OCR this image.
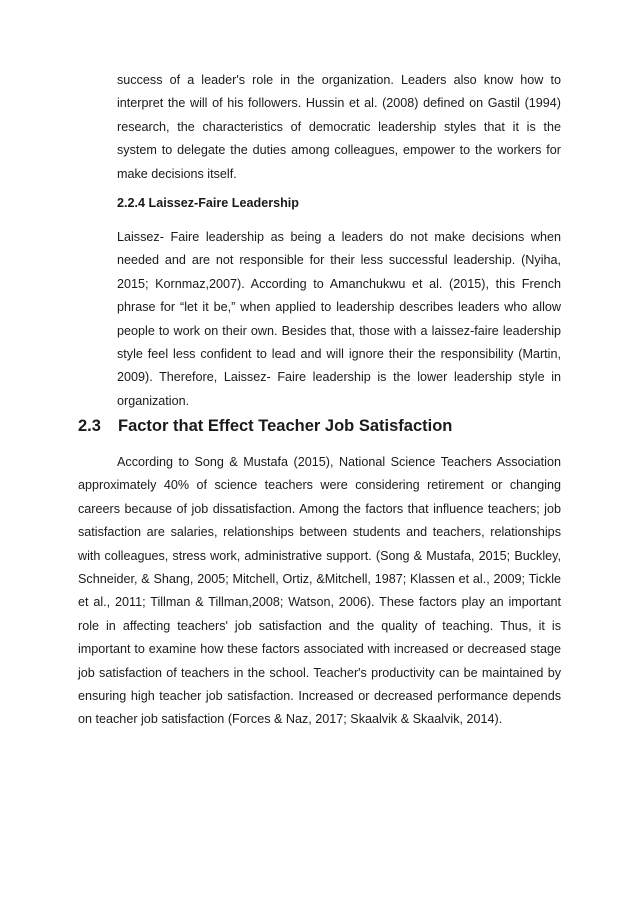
success of a leader's role in the organization. Leaders also know how to interpret the will of his followers. Hussin et al. (2008) defined on Gastil (1994) research, the characteristics of democratic leadership styles that it is the system to delegate the duties among colleagues, empower to the workers for make decisions itself.

2.2.4 Laissez-Faire Leadership

Laissez- Faire leadership as being a leaders do not make decisions when needed and are not responsible for their less successful leadership. (Nyiha, 2015; Kornmaz,2007). According to Amanchukwu et al. (2015), this French phrase for “let it be,” when applied to leadership describes leaders who allow people to work on their own. Besides that, those with a laissez-faire leadership style feel less confident to lead and will ignore their the responsibility (Martin, 2009). Therefore, Laissez- Faire leadership is the lower leadership style in organization.

2.3 Factor that Effect Teacher Job Satisfaction

According to Song & Mustafa (2015), National Science Teachers Association approximately 40% of science teachers were considering retirement or changing careers because of job dissatisfaction. Among the factors that influence teachers; job satisfaction are salaries, relationships between students and teachers, relationships with colleagues, stress work, administrative support. (Song & Mustafa, 2015; Buckley, Schneider, & Shang, 2005; Mitchell, Ortiz, &Mitchell, 1987; Klassen et al., 2009; Tickle et al., 2011; Tillman & Tillman,2008; Watson, 2006). These factors play an important role in affecting teachers' job satisfaction and the quality of teaching. Thus, it is important to examine how these factors associated with increased or decreased stage job satisfaction of teachers in the school. Teacher's productivity can be maintained by ensuring high teacher job satisfaction. Increased or decreased performance depends on teacher job satisfaction (Forces & Naz, 2017; Skaalvik & Skaalvik, 2014).
